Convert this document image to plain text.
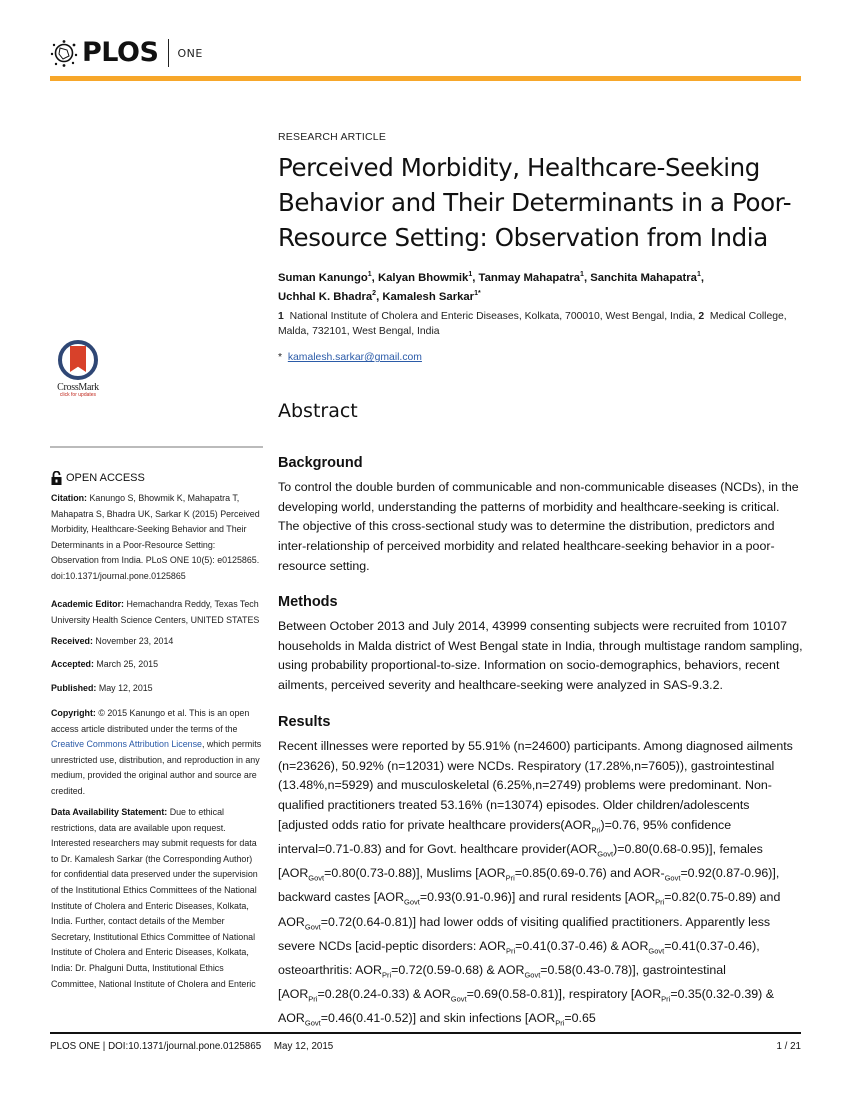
PLOS ONE
CrossMark
click for updates
OPEN ACCESS
Citation: Kanungo S, Bhowmik K, Mahapatra T, Mahapatra S, Bhadra UK, Sarkar K (2015) Perceived Morbidity, Healthcare-Seeking Behavior and Their Determinants in a Poor-Resource Setting: Observation from India. PLoS ONE 10(5): e0125865. doi:10.1371/journal.pone.0125865
Academic Editor: Hemachandra Reddy, Texas Tech University Health Science Centers, UNITED STATES
Received: November 23, 2014
Accepted: March 25, 2015
Published: May 12, 2015
Copyright: © 2015 Kanungo et al. This is an open access article distributed under the terms of the Creative Commons Attribution License, which permits unrestricted use, distribution, and reproduction in any medium, provided the original author and source are credited.
Data Availability Statement: Due to ethical restrictions, data are available upon request. Interested researchers may submit requests for data to Dr. Kamalesh Sarkar (the Corresponding Author) for confidential data preserved under the supervision of the Institutional Ethics Committees of the National Institute of Cholera and Enteric Diseases, Kolkata, India. Further, contact details of the Member Secretary, Institutional Ethics Committee of National Institute of Cholera and Enteric Diseases, Kolkata, India: Dr. Phalguni Dutta, Institutional Ethics Committee, National Institute of Cholera and Enteric
RESEARCH ARTICLE
Perceived Morbidity, Healthcare-Seeking Behavior and Their Determinants in a Poor-Resource Setting: Observation from India
Suman Kanungo$^1$, Kalyan Bhowmik$^1$, Tanmay Mahapatra$^1$, Sanchita Mahapatra$^1$,
Uchhal K. Bhadra$^2$, Kamalesh Sarkar$^{1*}$
1 National Institute of Cholera and Enteric Diseases, Kolkata, 700010, West Bengal, India, 2 Medical College, Malda, 732101, West Bengal, India
* kamalesh.sarkar@gmail.com
Abstract
Background
To control the double burden of communicable and non-communicable diseases (NCDs), in the developing world, understanding the patterns of morbidity and healthcare-seeking is critical. The objective of this cross-sectional study was to determine the distribution, predictors and inter-relationship of perceived morbidity and related healthcare-seeking behavior in a poor-resource setting.
Methods
Between October 2013 and July 2014, 43999 consenting subjects were recruited from 10107 households in Malda district of West Bengal state in India, through multistage random sampling, using probability proportional-to-size. Information on socio-demographics, behaviors, recent ailments, perceived severity and healthcare-seeking were analyzed in SAS-9.3.2.
Results
Recent illnesses were reported by 55.91% (n=24600) participants. Among diagnosed ailments (n=23626), 50.92% (n=12031) were NCDs. Respiratory (17.28%,n=7605)), gastrointestinal (13.48%,n=5929) and musculoskeletal (6.25%,n=2749) problems were predominant. Non-qualified practitioners treated 53.16% (n=13074) episodes. Older children/adolescents [adjusted odds ratio for private healthcare $providers(AOR_{Pri})=0.76$, 95% confidence interval=0.71-0.83) and for Govt. healthcare $provider(AOR_{Govt})=0.80(0.68-0.95)$], females $[AOR_{Govt}=0.80(0.73-0.88)]$, Muslims [$AOR_{Pri}=0.85(0.69-0.76)$ and AOR-$_{Govt}=0.92(0.87-0.96)$], backward castes $[AOR_{Govt}=0.93(0.91-0.96)]$ and rural residents [$AOR_{Pri}=0.82(0.75-0.89)$ and $AOR_{Govt}=0.72(0.64-0.81)$] had lower odds of visiting qualified practitioners. Apparently less severe NCDs [acid-peptic disorders: $AOR_{Pri}=0.41(0.37-0.46)$ & $AOR_{Govt}=0.41(0.37-0.46)$, osteoarthritis: $AOR_{Pri}=0.72(0.59-0.68)$ & $AOR_{Govt}=0.58(0.43-0.78)$], gastrointestinal [$AOR_{Pri}=0.28(0.24-0.33)$ & $AOR_{Govt}=0.69(0.58-0.81)$], respiratory [$AOR_{Pri}=0.35(0.32-0.39)$ & $AOR_{Govt}=0.46(0.41-0.52)$] and skin infections [$AOR_{Pri}=0.65$
PLOS ONE | DOI:10.1371/journal.pone.0125865 May 12, 2015	1 / 21
